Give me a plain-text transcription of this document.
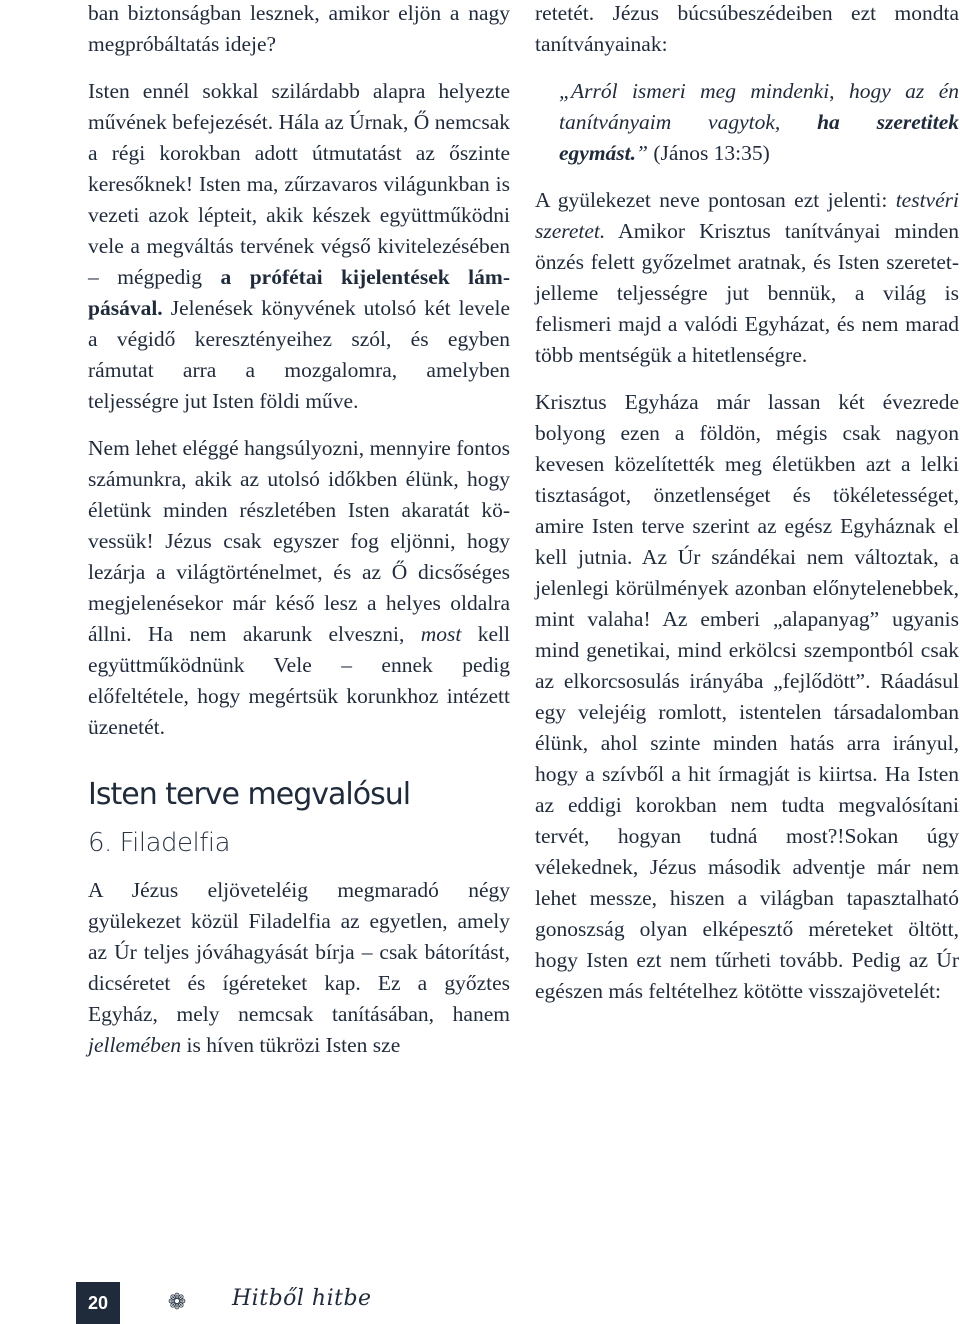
ban biztonságban lesznek, amikor eljön a nagy megpróbáltatás ideje?

Isten ennél sokkal szilárdabb alapra helyezte művének befejezését. Hála az Úrnak, Ő nemcsak a régi korokban adott útmutatást az őszinte keresőknek! Isten ma, zűrzavaros világunkban is vezeti azok lépteit, akik készek együttműködni vele a megváltás tervének végső kivitelezésében – mégpedig a prófétai kijelentések lámpásával. Jelenések könyvének utolsó két levele a végidő keresztényeihez szól, és egyben rámutat arra a mozgalomra, amelyben teljességre jut Isten földi műve.

Nem lehet eléggé hangsúlyozni, mennyire fontos számunkra, akik az utolsó időkben élünk, hogy életünk minden részletében Isten akaratát kövessük! Jézus csak egyszer fog eljönni, hogy lezárja a világtörténelmet, és az Ő dicsőséges megjelenésekor már késő lesz a helyes oldalra állni. Ha nem akarunk elveszni, most kell együttműködnünk Vele – ennek pedig előfeltétele, hogy megértsük korunkhoz intézett üzenetét.

Isten terve megvalósul
6. Filadelfia

A Jézus eljöveteléig megmaradó négy gyülekezet közül Filadelfia az egyetlen, amely az Úr teljes jóváhagyását bírja – csak bátorítást, dicséretet és ígéreteket kap. Ez a győztes Egyház, mely nemcsak tanításában, hanem jellemében is híven tükrözi Isten sze

retetét. Jézus búcsúbeszédeiben ezt mondta tanítványainak:

„Arról ismeri meg mindenki, hogy az én tanítványaim vagytok, ha szeretitek egymást.” (János 13:35)

A gyülekezet neve pontosan ezt jelenti: testvéri szeretet. Amikor Krisztus tanítványai minden önzés felett győzelmet aratnak, és Isten szeretet-jelleme teljességre jut bennük, a világ is felismeri majd a valódi Egyházat, és nem marad több mentségük a hitetlenségre.

Krisztus Egyháza már lassan két évezrede bolyong ezen a földön, mégis csak nagyon kevesen közelítették meg életükben azt a lelki tisztaságot, önzetlenséget és tökéletességet, amire Isten terve szerint az egész Egyháznak el kell jutnia. Az Úr szándékai nem változtak, a jelenlegi körülmények azonban előnytelenebbek, mint valaha! Az emberi „alapanyag” ugyanis mind genetikai, mind erkölcsi szempontból csak az elkorcsosulás irányába „fejlődött”. Ráadásul egy velejéig romlott, istentelen társadalomban élünk, ahol szinte minden hatás arra irányul, hogy a szívből a hit írmagját is kiirtsa. Ha Isten az eddigi korokban nem tudta megvalósítani tervét, hogyan tudná most?!Sokan úgy vélekednek, Jézus második adventje már nem lehet messze, hiszen a világban tapasztalható gonoszság olyan elképesztő méreteket öltött, hogy Isten ezt nem tűrheti tovább. Pedig az Úr egészen más feltételhez kötötte visszajövetelét:

20	❁ Hitből hitbe
